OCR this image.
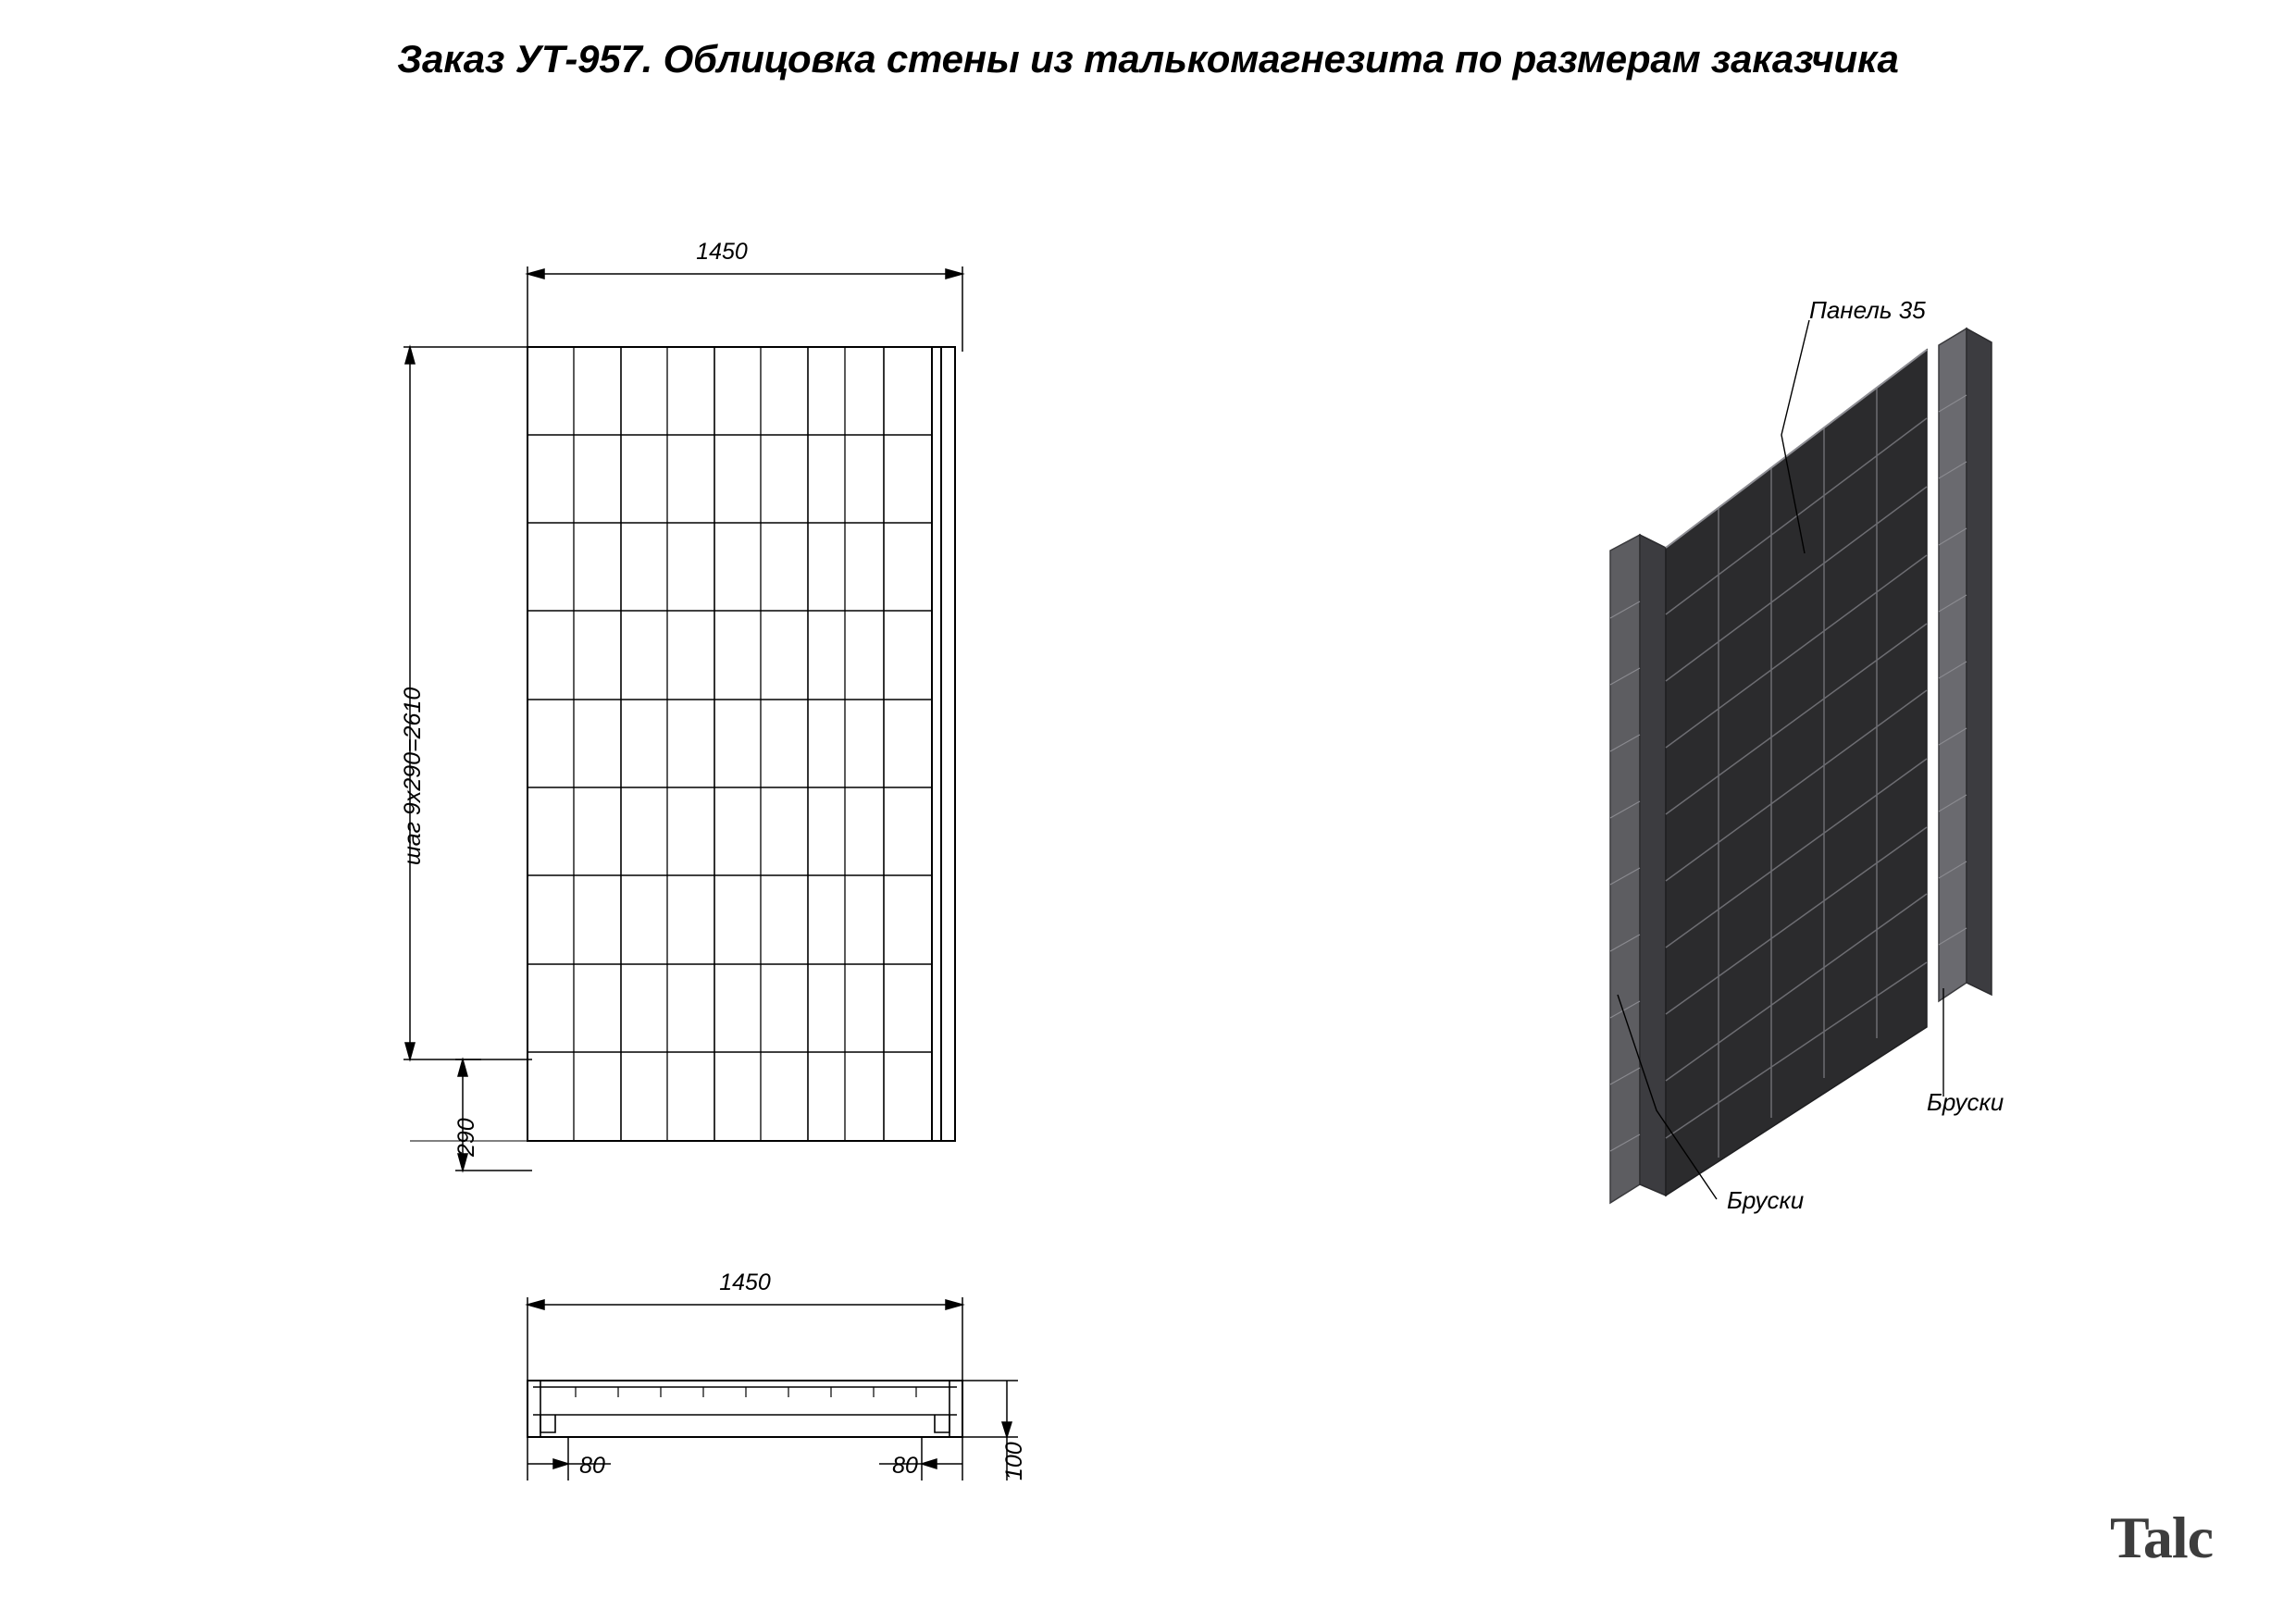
Заказ УТ-957. Облицовка стены из талькомагнезита по размерам заказчика
1450
шаг 9х290=2610
290
1450
80	80	100
Панель 35
Бруски
Бруски
Talc
